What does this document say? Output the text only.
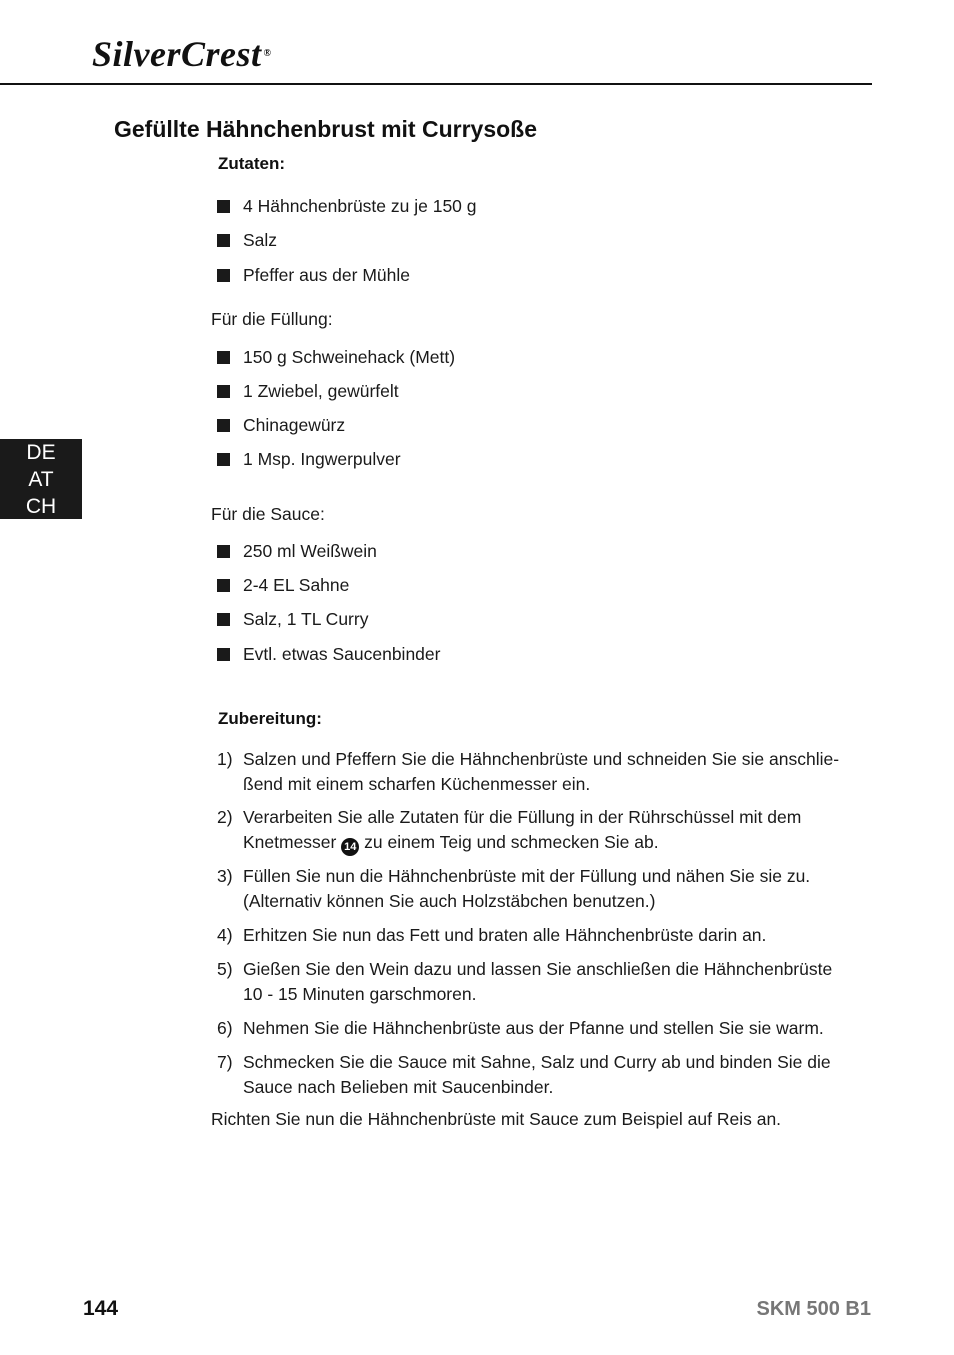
SilverCrest ®
Gefüllte Hähnchenbrust mit Currysoße
DE
AT
CH
Zutaten:
4 Hähnchenbrüste zu je 150 g
Salz
Pfeffer aus der Mühle
Für die Füllung:
150 g Schweinehack (Mett)
1 Zwiebel, gewürfelt
Chinagewürz
1 Msp. Ingwerpulver
Für die Sauce:
250 ml Weißwein
2-4 EL Sahne
Salz, 1 TL Curry
Evtl. etwas Saucenbinder
Zubereitung:
1) Salzen und Pfeffern Sie die Hähnchenbrüste und schneiden Sie sie anschlie-
ßend mit einem scharfen Küchenmesser ein.
2) Verarbeiten Sie alle Zutaten für die Füllung in der Rührschüssel mit dem
Knetmesser 14 zu einem Teig und schmecken Sie ab.
3) Füllen Sie nun die Hähnchenbrüste mit der Füllung und nähen Sie sie zu.
(Alternativ können Sie auch Holzstäbchen benutzen.)
4) Erhitzen Sie nun das Fett und braten alle Hähnchenbrüste darin an.
5) Gießen Sie den Wein dazu und lassen Sie anschließen die Hähnchenbrüste
10 - 15 Minuten garschmoren.
6) Nehmen Sie die Hähnchenbrüste aus der Pfanne und stellen Sie sie warm.
7) Schmecken Sie die Sauce mit Sahne, Salz und Curry ab und binden Sie die
Sauce nach Belieben mit Saucenbinder.
Richten Sie nun die Hähnchenbrüste mit Sauce zum Beispiel auf Reis an.
144	SKM 500 B1
